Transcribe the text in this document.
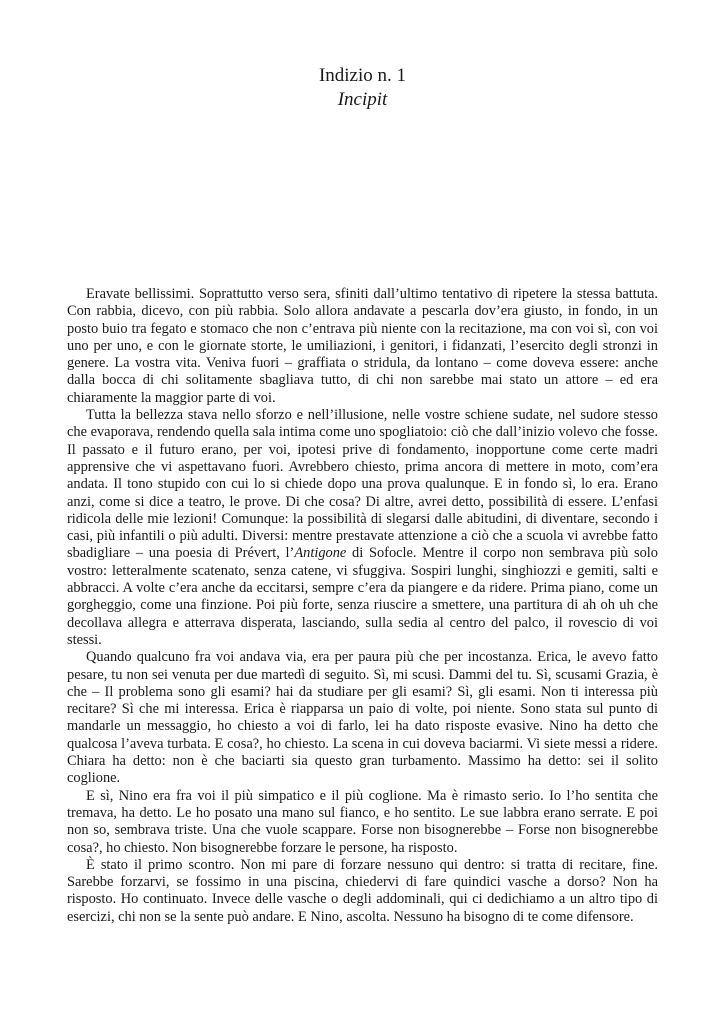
Indizio n. 1
Incipit

Eravate bellissimi. Soprattutto verso sera, sfiniti dall’ultimo tentativo di ripetere la stessa battuta. Con rabbia, dicevo, con più rabbia. Solo allora andavate a pescarla dov’era giusto, in fondo, in un posto buio tra fegato e stomaco che non c’entrava più niente con la recitazione, ma con voi sì, con voi uno per uno, e con le giornate storte, le umiliazioni, i genitori, i fidanzati, l’esercito degli stronzi in genere. La vostra vita. Veniva fuori – graffiata o stridula, da lontano – come doveva essere: anche dalla bocca di chi solitamente sbagliava tutto, di chi non sarebbe mai stato un attore – ed era chiaramente la maggior parte di voi.

Tutta la bellezza stava nello sforzo e nell’illusione, nelle vostre schiene sudate, nel sudore stesso che evaporava, rendendo quella sala intima come uno spogliatoio: ciò che dall’inizio volevo che fosse. Il passato e il futuro erano, per voi, ipotesi prive di fondamento, inopportune come certe madri apprensive che vi aspettavano fuori. Avrebbero chiesto, prima ancora di mettere in moto, com’era andata. Il tono stupido con cui lo si chiede dopo una prova qualunque. E in fondo sì, lo era. Erano anzi, come si dice a teatro, le prove. Di che cosa? Di altre, avrei detto, possibilità di essere. L’enfasi ridicola delle mie lezioni! Comunque: la possibilità di slegarsi dalle abitudini, di diventare, secondo i casi, più infantili o più adulti. Diversi: mentre prestavate attenzione a ciò che a scuola vi avrebbe fatto sbadigliare – una poesia di Prévert, l’Antigone di Sofocle. Mentre il corpo non sembrava più solo vostro: letteralmente scatenato, senza catene, vi sfuggiva. Sospiri lunghi, singhiozzi e gemiti, salti e abbracci. A volte c’era anche da eccitarsi, sempre c’era da piangere e da ridere. Prima piano, come un gorgheggio, come una finzione. Poi più forte, senza riuscire a smettere, una partitura di ah oh uh che decollava allegra e atterrava disperata, lasciando, sulla sedia al centro del palco, il rovescio di voi stessi.

Quando qualcuno fra voi andava via, era per paura più che per incostanza. Erica, le avevo fatto pesare, tu non sei venuta per due martedì di seguito. Sì, mi scusi. Dammi del tu. Sì, scusami Grazia, è che – Il problema sono gli esami? hai da studiare per gli esami? Sì, gli esami. Non ti interessa più recitare? Sì che mi interessa. Erica è riapparsa un paio di volte, poi niente. Sono stata sul punto di mandarle un messaggio, ho chiesto a voi di farlo, lei ha dato risposte evasive. Nino ha detto che qualcosa l’aveva turbata. E cosa?, ho chiesto. La scena in cui doveva baciarmi. Vi siete messi a ridere. Chiara ha detto: non è che baciarti sia questo gran turbamento. Massimo ha detto: sei il solito coglione.

E sì, Nino era fra voi il più simpatico e il più coglione. Ma è rimasto serio. Io l’ho sentita che tremava, ha detto. Le ho posato una mano sul fianco, e ho sentito. Le sue labbra erano serrate. E poi non so, sembrava triste. Una che vuole scappare. Forse non bisognerebbe – Forse non bisognerebbe cosa?, ho chiesto. Non bisognerebbe forzare le persone, ha risposto.

È stato il primo scontro. Non mi pare di forzare nessuno qui dentro: si tratta di recitare, fine. Sarebbe forzarvi, se fossimo in una piscina, chiedervi di fare quindici vasche a dorso? Non ha risposto. Ho continuato. Invece delle vasche o degli addominali, qui ci dedichiamo a un altro tipo di esercizi, chi non se la sente può andare. E Nino, ascolta. Nessuno ha bisogno di te come difensore.
